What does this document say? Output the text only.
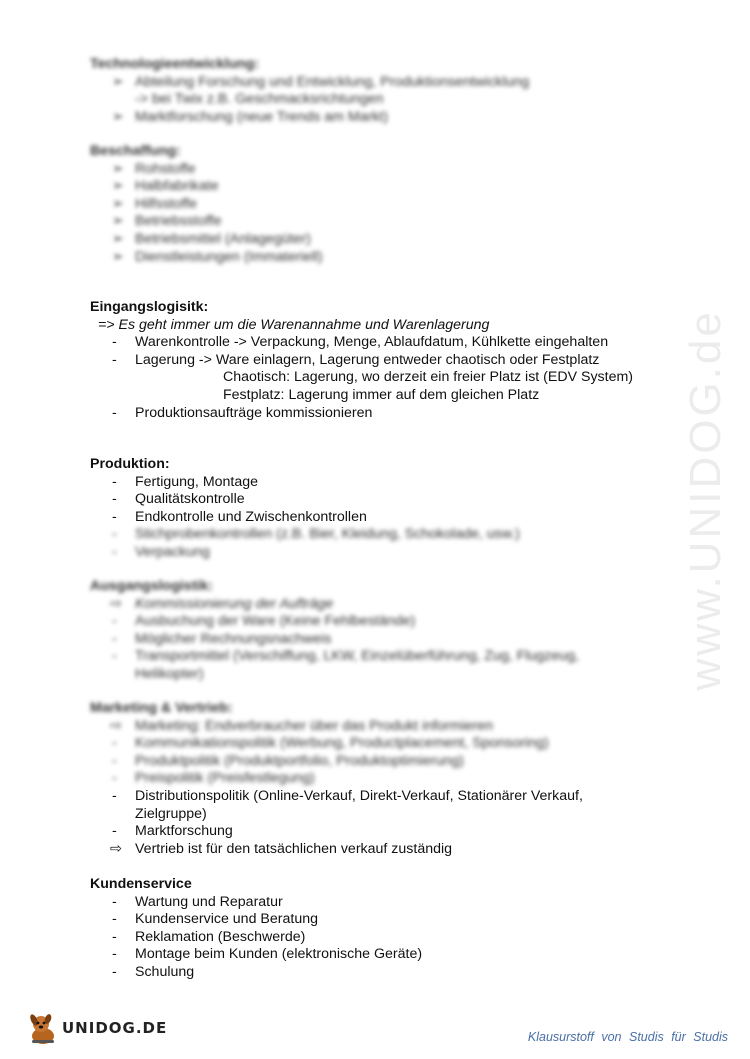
www.UNIDOG.de

Technologieentwicklung:

➢ Abteilung Forschung und Entwicklung, Produktionsentwicklung
-> bei Twix z.B. Geschmacksrichtungen
➢ Marktforschung (neue Trends am Markt)

Beschaffung:

➢ Rohstoffe
➢ Halbfabrikate
➢ Hilfsstoffe
➢ Betriebsstoffe
➢ Betriebsmittel (Anlagegüter)
➢ Dienstleistungen (Immateriell)

Eingangslogisitk:

=> Es geht immer um die Warenannahme und Warenlagerung
-	Warenkontrolle -> Verpackung, Menge, Ablaufdatum, Kühlkette eingehalten
-	Lagerung -> Ware einlagern, Lagerung entweder chaotisch oder Festplatz
Chaotisch: Lagerung, wo derzeit ein freier Platz ist (EDV System)
Festplatz: Lagerung immer auf dem gleichen Platz
-	Produktionsaufträge kommissionieren

Produktion:

-	Fertigung, Montage
-	Qualitätskontrolle
-	Endkontrolle und Zwischenkontrollen
-	Stichprobenkontrollen (z.B. Bier, Kleidung, Schokolade, usw.)
-	Verpackung

Ausgangslogistik:

⇨ Kommissionierung der Aufträge
-	Ausbuchung der Ware (Keine Fehlbestände)
-	Möglicher Rechnungsnachweis
-	Transportmittel (Verschiffung, LKW, Einzelüberführung, Zug, Flugzeug,
Helikopter)

Marketing & Vertrieb:

⇨ Marketing: Endverbraucher über das Produkt informieren
-	Kommunikationspolitik (Werbung, Productplacement, Sponsoring)
-	Produktpolitik (Produktportfolio, Produktoptimierung)
-	Preispolitik (Preisfestlegung)
-	Distributionspolitik (Online-Verkauf, Direkt-Verkauf, Stationärer Verkauf,
Zielgruppe)
-	Marktforschung
⇨ Vertrieb ist für den tatsächlichen verkauf zuständig

Kundenservice

-	Wartung und Reparatur
-	Kundenservice und Beratung
-	Reklamation (Beschwerde)
-	Montage beim Kunden (elektronische Geräte)
-	Schulung
UNIDOG.DE	Klausurstoff von Studis für Studis
